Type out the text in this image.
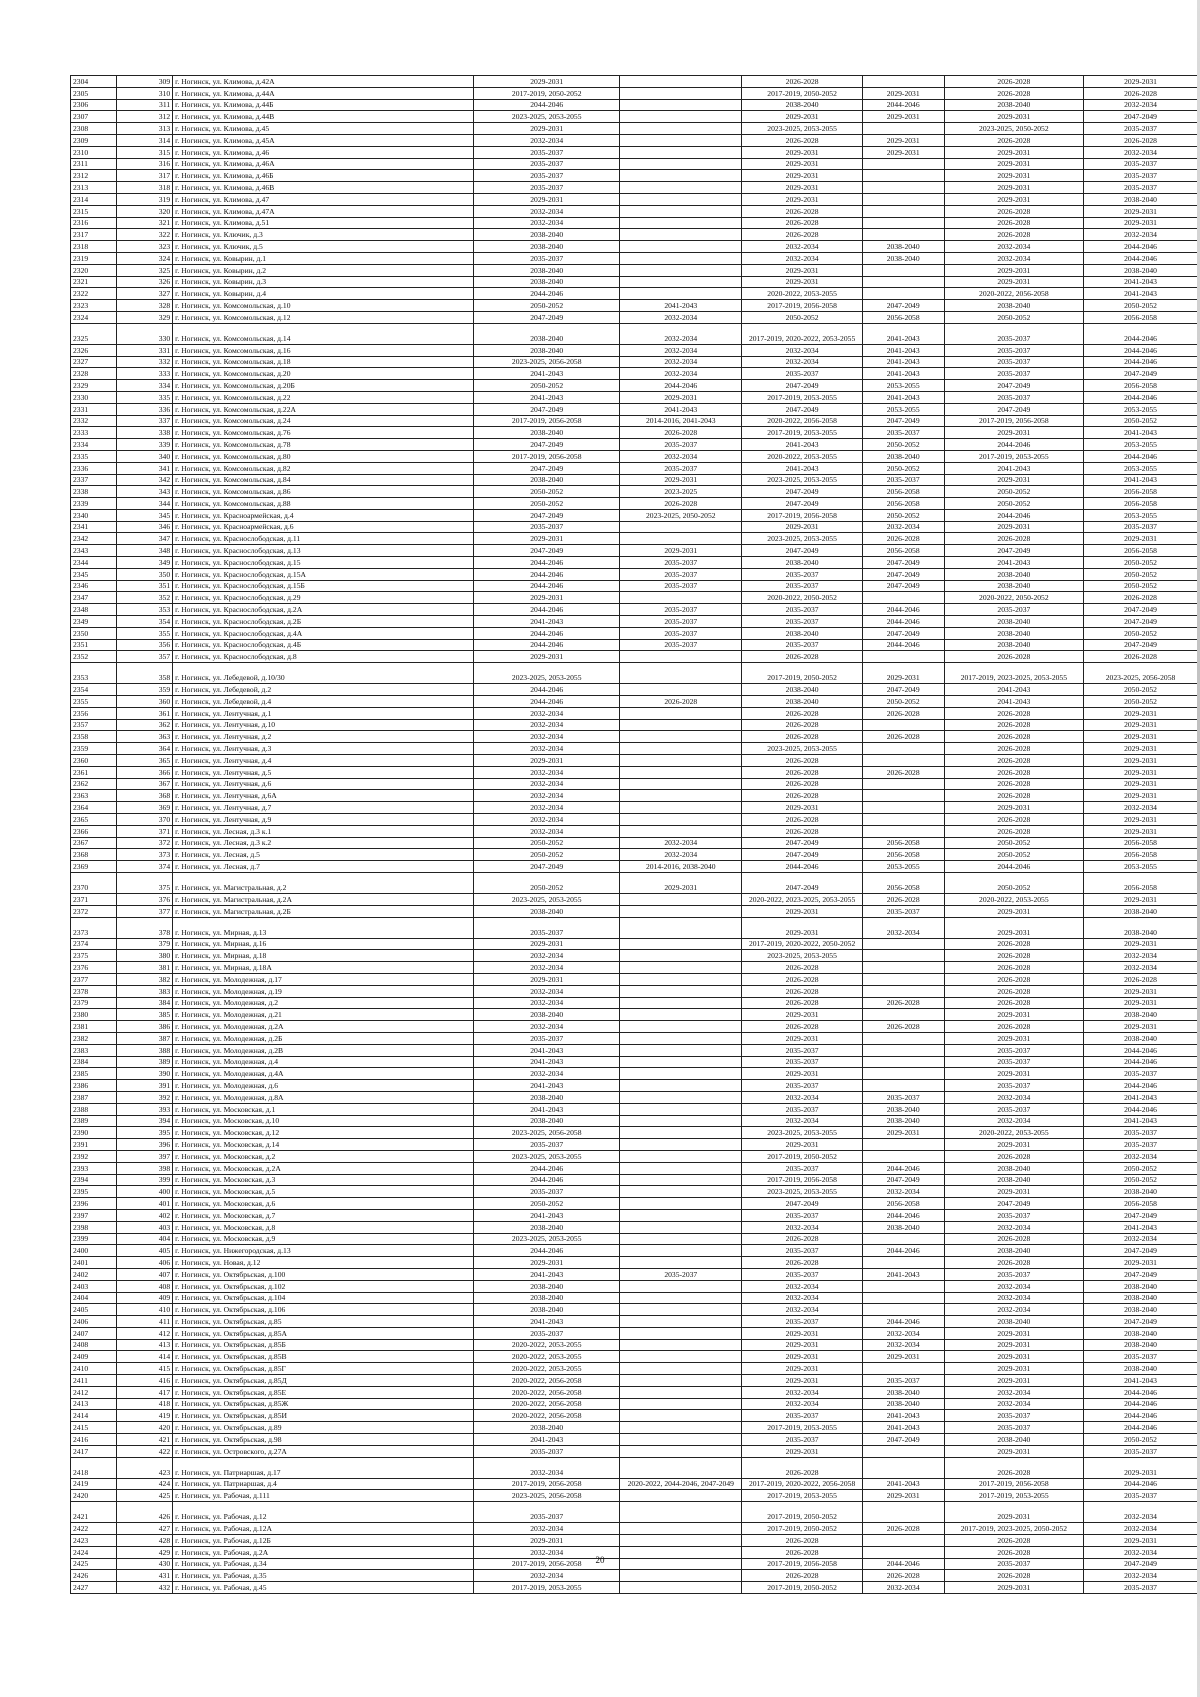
2304	309	г. Ногинск, ул. Климова, д.42А	2029-2031		2026-2028		2026-2028	2029-2031
2305	310	г. Ногинск, ул. Климова, д.44А	2017-2019, 2050-2052		2017-2019, 2050-2052	2029-2031	2026-2028	2026-2028
2306	311	г. Ногинск, ул. Климова, д.44Б	2044-2046		2038-2040	2044-2046	2038-2040	2032-2034
2307	312	г. Ногинск, ул. Климова, д.44В	2023-2025, 2053-2055		2029-2031	2029-2031	2029-2031	2047-2049
2308	313	г. Ногинск, ул. Климова, д.45	2029-2031		2023-2025, 2053-2055		2023-2025, 2050-2052	2035-2037
2309	314	г. Ногинск, ул. Климова, д.45А	2032-2034		2026-2028	2029-2031	2026-2028	2026-2028
2310	315	г. Ногинск, ул. Климова, д.46	2035-2037		2029-2031	2029-2031	2029-2031	2032-2034
2311	316	г. Ногинск, ул. Климова, д.46А	2035-2037		2029-2031		2029-2031	2035-2037
2312	317	г. Ногинск, ул. Климова, д.46Б	2035-2037		2029-2031		2029-2031	2035-2037
2313	318	г. Ногинск, ул. Климова, д.46В	2035-2037		2029-2031		2029-2031	2035-2037
2314	319	г. Ногинск, ул. Климова, д.47	2029-2031		2029-2031		2029-2031	2038-2040
2315	320	г. Ногинск, ул. Климова, д.47А	2032-2034		2026-2028		2026-2028	2029-2031
2316	321	г. Ногинск, ул. Климова, д.51	2032-2034		2026-2028		2026-2028	2029-2031
2317	322	г. Ногинск, ул. Ключик, д.3	2038-2040		2026-2028		2026-2028	2032-2034
2318	323	г. Ногинск, ул. Ключик, д.5	2038-2040		2032-2034	2038-2040	2032-2034	2044-2046
2319	324	г. Ногинск, ул. Ковырин, д.1	2035-2037		2032-2034	2038-2040	2032-2034	2044-2046
2320	325	г. Ногинск, ул. Ковырин, д.2	2038-2040		2029-2031		2029-2031	2038-2040
2321	326	г. Ногинск, ул. Ковырин, д.3	2038-2040		2029-2031		2029-2031	2041-2043
2322	327	г. Ногинск, ул. Ковырин, д.4	2044-2046		2020-2022, 2053-2055		2020-2022, 2056-2058	2041-2043
2323	328	г. Ногинск, ул. Комсомольская, д.10	2050-2052	2041-2043	2017-2019, 2056-2058	2047-2049	2038-2040	2050-2052
2324	329	г. Ногинск, ул. Комсомольская, д.12	2047-2049	2032-2034	2050-2052	2056-2058	2050-2052	2056-2058
2325	330	г. Ногинск, ул. Комсомольская, д.14	2038-2040	2032-2034	2017-2019, 2020-2022, 2053-2055	2041-2043	2035-2037	2044-2046
2326	331	г. Ногинск, ул. Комсомольская, д.16	2038-2040	2032-2034	2032-2034	2041-2043	2035-2037	2044-2046
2327	332	г. Ногинск, ул. Комсомольская, д.18	2023-2025, 2056-2058	2032-2034	2032-2034	2041-2043	2035-2037	2044-2046
2328	333	г. Ногинск, ул. Комсомольская, д.20	2041-2043	2032-2034	2035-2037	2041-2043	2035-2037	2047-2049
2329	334	г. Ногинск, ул. Комсомольская, д.20Б	2050-2052	2044-2046	2047-2049	2053-2055	2047-2049	2056-2058
2330	335	г. Ногинск, ул. Комсомольская, д.22	2041-2043	2029-2031	2017-2019, 2053-2055	2041-2043	2035-2037	2044-2046
2331	336	г. Ногинск, ул. Комсомольская, д.22А	2047-2049	2041-2043	2047-2049	2053-2055	2047-2049	2053-2055
2332	337	г. Ногинск, ул. Комсомольская, д.24	2017-2019, 2056-2058	2014-2016, 2041-2043	2020-2022, 2056-2058	2047-2049	2017-2019, 2056-2058	2050-2052
2333	338	г. Ногинск, ул. Комсомольская, д.76	2038-2040	2026-2028	2017-2019, 2053-2055	2035-2037	2029-2031	2041-2043
2334	339	г. Ногинск, ул. Комсомольская, д.78	2047-2049	2035-2037	2041-2043	2050-2052	2044-2046	2053-2055
2335	340	г. Ногинск, ул. Комсомольская, д.80	2017-2019, 2056-2058	2032-2034	2020-2022, 2053-2055	2038-2040	2017-2019, 2053-2055	2044-2046
2336	341	г. Ногинск, ул. Комсомольская, д.82	2047-2049	2035-2037	2041-2043	2050-2052	2041-2043	2053-2055
2337	342	г. Ногинск, ул. Комсомольская, д.84	2038-2040	2029-2031	2023-2025, 2053-2055	2035-2037	2029-2031	2041-2043
2338	343	г. Ногинск, ул. Комсомольская, д.86	2050-2052	2023-2025	2047-2049	2056-2058	2050-2052	2056-2058
2339	344	г. Ногинск, ул. Комсомольская, д.88	2050-2052	2026-2028	2047-2049	2056-2058	2050-2052	2056-2058
2340	345	г. Ногинск, ул. Красноармейская, д.4	2047-2049	2023-2025, 2050-2052	2017-2019, 2056-2058	2050-2052	2044-2046	2053-2055
2341	346	г. Ногинск, ул. Красноармейская, д.6	2035-2037		2029-2031	2032-2034	2029-2031	2035-2037
2342	347	г. Ногинск, ул. Краснослободская, д.11	2029-2031		2023-2025, 2053-2055	2026-2028	2026-2028	2029-2031
2343	348	г. Ногинск, ул. Краснослободская, д.13	2047-2049	2029-2031	2047-2049	2056-2058	2047-2049	2056-2058
2344	349	г. Ногинск, ул. Краснослободская, д.15	2044-2046	2035-2037	2038-2040	2047-2049	2041-2043	2050-2052
2345	350	г. Ногинск, ул. Краснослободская, д.15А	2044-2046	2035-2037	2035-2037	2047-2049	2038-2040	2050-2052
2346	351	г. Ногинск, ул. Краснослободская, д.15Б	2044-2046	2035-2037	2035-2037	2047-2049	2038-2040	2050-2052
2347	352	г. Ногинск, ул. Краснослободская, д.29	2029-2031		2020-2022, 2050-2052		2020-2022, 2050-2052	2026-2028
2348	353	г. Ногинск, ул. Краснослободская, д.2А	2044-2046	2035-2037	2035-2037	2044-2046	2035-2037	2047-2049
2349	354	г. Ногинск, ул. Краснослободская, д.2Б	2041-2043	2035-2037	2035-2037	2044-2046	2038-2040	2047-2049
2350	355	г. Ногинск, ул. Краснослободская, д.4А	2044-2046	2035-2037	2038-2040	2047-2049	2038-2040	2050-2052
2351	356	г. Ногинск, ул. Краснослободская, д.4Б	2044-2046	2035-2037	2035-2037	2044-2046	2038-2040	2047-2049
2352	357	г. Ногинск, ул. Краснослободская, д.8	2029-2031		2026-2028		2026-2028	2026-2028
2353	358	г. Ногинск, ул. Лебедевой, д.10/30	2023-2025, 2053-2055		2017-2019, 2050-2052	2029-2031	2017-2019, 2023-2025, 2053-2055	2023-2025, 2056-2058
2354	359	г. Ногинск, ул. Лебедевой, д.2	2044-2046		2038-2040	2047-2049	2041-2043	2050-2052
2355	360	г. Ногинск, ул. Лебедевой, д.4	2044-2046	2026-2028	2038-2040	2050-2052	2041-2043	2050-2052
2356	361	г. Ногинск, ул. Лентучная, д.1	2032-2034		2026-2028	2026-2028	2026-2028	2029-2031
2357	362	г. Ногинск, ул. Лентучная, д.10	2032-2034		2026-2028		2026-2028	2029-2031
2358	363	г. Ногинск, ул. Лентучная, д.2	2032-2034		2026-2028	2026-2028	2026-2028	2029-2031
2359	364	г. Ногинск, ул. Лентучная, д.3	2032-2034		2023-2025, 2053-2055		2026-2028	2029-2031
2360	365	г. Ногинск, ул. Лентучная, д.4	2029-2031		2026-2028		2026-2028	2029-2031
2361	366	г. Ногинск, ул. Лентучная, д.5	2032-2034		2026-2028	2026-2028	2026-2028	2029-2031
2362	367	г. Ногинск, ул. Лентучная, д.6	2032-2034		2026-2028		2026-2028	2029-2031
2363	368	г. Ногинск, ул. Лентучная, д.6А	2032-2034		2026-2028		2026-2028	2029-2031
2364	369	г. Ногинск, ул. Лентучная, д.7	2032-2034		2029-2031		2029-2031	2032-2034
2365	370	г. Ногинск, ул. Лентучная, д.9	2032-2034		2026-2028		2026-2028	2029-2031
2366	371	г. Ногинск, ул. Лесная, д.3 к.1	2032-2034		2026-2028		2026-2028	2029-2031
2367	372	г. Ногинск, ул. Лесная, д.3 к.2	2050-2052	2032-2034	2047-2049	2056-2058	2050-2052	2056-2058
2368	373	г. Ногинск, ул. Лесная, д.5	2050-2052	2032-2034	2047-2049	2056-2058	2050-2052	2056-2058
2369	374	г. Ногинск, ул. Лесная, д.7	2047-2049	2014-2016, 2038-2040	2044-2046	2053-2055	2044-2046	2053-2055
2370	375	г. Ногинск, ул. Магистральная, д.2	2050-2052	2029-2031	2047-2049	2056-2058	2050-2052	2056-2058
2371	376	г. Ногинск, ул. Магистральная, д.2А	2023-2025, 2053-2055		2020-2022, 2023-2025, 2053-2055	2026-2028	2020-2022, 2053-2055	2029-2031
2372	377	г. Ногинск, ул. Магистральная, д.2Б	2038-2040		2029-2031	2035-2037	2029-2031	2038-2040
2373	378	г. Ногинск, ул. Мирная, д.13	2035-2037		2029-2031	2032-2034	2029-2031	2038-2040
2374	379	г. Ногинск, ул. Мирная, д.16	2029-2031		2017-2019, 2020-2022, 2050-2052		2026-2028	2029-2031
2375	380	г. Ногинск, ул. Мирная, д.18	2032-2034		2023-2025, 2053-2055		2026-2028	2032-2034
2376	381	г. Ногинск, ул. Мирная, д.18А	2032-2034		2026-2028		2026-2028	2032-2034
2377	382	г. Ногинск, ул. Молодежная, д.17	2029-2031		2026-2028		2026-2028	2026-2028
2378	383	г. Ногинск, ул. Молодежная, д.19	2032-2034		2026-2028		2026-2028	2029-2031
2379	384	г. Ногинск, ул. Молодежная, д.2	2032-2034		2026-2028	2026-2028	2026-2028	2029-2031
2380	385	г. Ногинск, ул. Молодежная, д.21	2038-2040		2029-2031		2029-2031	2038-2040
2381	386	г. Ногинск, ул. Молодежная, д.2А	2032-2034		2026-2028	2026-2028	2026-2028	2029-2031
2382	387	г. Ногинск, ул. Молодежная, д.2Б	2035-2037		2029-2031		2029-2031	2038-2040
2383	388	г. Ногинск, ул. Молодежная, д.2В	2041-2043		2035-2037		2035-2037	2044-2046
2384	389	г. Ногинск, ул. Молодежная, д.4	2041-2043		2035-2037		2035-2037	2044-2046
2385	390	г. Ногинск, ул. Молодежная, д.4А	2032-2034		2029-2031		2029-2031	2035-2037
2386	391	г. Ногинск, ул. Молодежная, д.6	2041-2043		2035-2037		2035-2037	2044-2046
2387	392	г. Ногинск, ул. Молодежная, д.8А	2038-2040		2032-2034	2035-2037	2032-2034	2041-2043
2388	393	г. Ногинск, ул. Московская, д.1	2041-2043		2035-2037	2038-2040	2035-2037	2044-2046
2389	394	г. Ногинск, ул. Московская, д.10	2038-2040		2032-2034	2038-2040	2032-2034	2041-2043
2390	395	г. Ногинск, ул. Московская, д.12	2023-2025, 2056-2058		2023-2025, 2053-2055	2029-2031	2020-2022, 2053-2055	2035-2037
2391	396	г. Ногинск, ул. Московская, д.14	2035-2037		2029-2031		2029-2031	2035-2037
2392	397	г. Ногинск, ул. Московская, д.2	2023-2025, 2053-2055		2017-2019, 2050-2052		2026-2028	2032-2034
2393	398	г. Ногинск, ул. Московская, д.2А	2044-2046		2035-2037	2044-2046	2038-2040	2050-2052
2394	399	г. Ногинск, ул. Московская, д.3	2044-2046		2017-2019, 2056-2058	2047-2049	2038-2040	2050-2052
2395	400	г. Ногинск, ул. Московская, д.5	2035-2037		2023-2025, 2053-2055	2032-2034	2029-2031	2038-2040
2396	401	г. Ногинск, ул. Московская, д.6	2050-2052		2047-2049	2056-2058	2047-2049	2056-2058
2397	402	г. Ногинск, ул. Московская, д.7	2041-2043		2035-2037	2044-2046	2035-2037	2047-2049
2398	403	г. Ногинск, ул. Московская, д.8	2038-2040		2032-2034	2038-2040	2032-2034	2041-2043
2399	404	г. Ногинск, ул. Московская, д.9	2023-2025, 2053-2055		2026-2028		2026-2028	2032-2034
2400	405	г. Ногинск, ул. Нижегородская, д.13	2044-2046		2035-2037	2044-2046	2038-2040	2047-2049
2401	406	г. Ногинск, ул. Новая, д.12	2029-2031		2026-2028		2026-2028	2029-2031
2402	407	г. Ногинск, ул. Октябрьская, д.100	2041-2043	2035-2037	2035-2037	2041-2043	2035-2037	2047-2049
2403	408	г. Ногинск, ул. Октябрьская, д.102	2038-2040		2032-2034		2032-2034	2038-2040
2404	409	г. Ногинск, ул. Октябрьская, д.104	2038-2040		2032-2034		2032-2034	2038-2040
2405	410	г. Ногинск, ул. Октябрьская, д.106	2038-2040		2032-2034		2032-2034	2038-2040
2406	411	г. Ногинск, ул. Октябрьская, д.85	2041-2043		2035-2037	2044-2046	2038-2040	2047-2049
2407	412	г. Ногинск, ул. Октябрьская, д.85А	2035-2037		2029-2031	2032-2034	2029-2031	2038-2040
2408	413	г. Ногинск, ул. Октябрьская, д.85Б	2020-2022, 2053-2055		2029-2031	2032-2034	2029-2031	2038-2040
2409	414	г. Ногинск, ул. Октябрьская, д.85В	2020-2022, 2053-2055		2029-2031	2029-2031	2029-2031	2035-2037
2410	415	г. Ногинск, ул. Октябрьская, д.85Г	2020-2022, 2053-2055		2029-2031		2029-2031	2038-2040
2411	416	г. Ногинск, ул. Октябрьская, д.85Д	2020-2022, 2056-2058		2029-2031	2035-2037	2029-2031	2041-2043
2412	417	г. Ногинск, ул. Октябрьская, д.85Е	2020-2022, 2056-2058		2032-2034	2038-2040	2032-2034	2044-2046
2413	418	г. Ногинск, ул. Октябрьская, д.85Ж	2020-2022, 2056-2058		2032-2034	2038-2040	2032-2034	2044-2046
2414	419	г. Ногинск, ул. Октябрьская, д.85И	2020-2022, 2056-2058		2035-2037	2041-2043	2035-2037	2044-2046
2415	420	г. Ногинск, ул. Октябрьская, д.89	2038-2040		2017-2019, 2053-2055	2041-2043	2035-2037	2044-2046
2416	421	г. Ногинск, ул. Октябрьская, д.98	2041-2043		2035-2037	2047-2049	2038-2040	2050-2052
2417	422	г. Ногинск, ул. Островского, д.27А	2035-2037		2029-2031		2029-2031	2035-2037
2418	423	г. Ногинск, ул. Патриаршая, д.17	2032-2034		2026-2028		2026-2028	2029-2031
2419	424	г. Ногинск, ул. Патриаршая, д.4	2017-2019, 2056-2058	2020-2022, 2044-2046, 2047-2049	2017-2019, 2020-2022, 2056-2058	2041-2043	2017-2019, 2056-2058	2044-2046
2420	425	г. Ногинск, ул. Рабочая, д.111	2023-2025, 2056-2058		2017-2019, 2053-2055	2029-2031	2017-2019, 2053-2055	2035-2037
2421	426	г. Ногинск, ул. Рабочая, д.12	2035-2037		2017-2019, 2050-2052		2029-2031	2032-2034
2422	427	г. Ногинск, ул. Рабочая, д.12А	2032-2034		2017-2019, 2050-2052	2026-2028	2017-2019, 2023-2025, 2050-2052	2032-2034
2423	428	г. Ногинск, ул. Рабочая, д.12Б	2029-2031		2026-2028		2026-2028	2029-2031
2424	429	г. Ногинск, ул. Рабочая, д.2А	2032-2034		2026-2028		2026-2028	2032-2034
2425	430	г. Ногинск, ул. Рабочая, д.34	2017-2019, 2056-2058		2017-2019, 2056-2058	2044-2046	2035-2037	2047-2049
2426	431	г. Ногинск, ул. Рабочая, д.35	2032-2034		2026-2028	2026-2028	2026-2028	2032-2034
2427	432	г. Ногинск, ул. Рабочая, д.45	2017-2019, 2053-2055		2017-2019, 2050-2052	2032-2034	2029-2031	2035-2037
20
